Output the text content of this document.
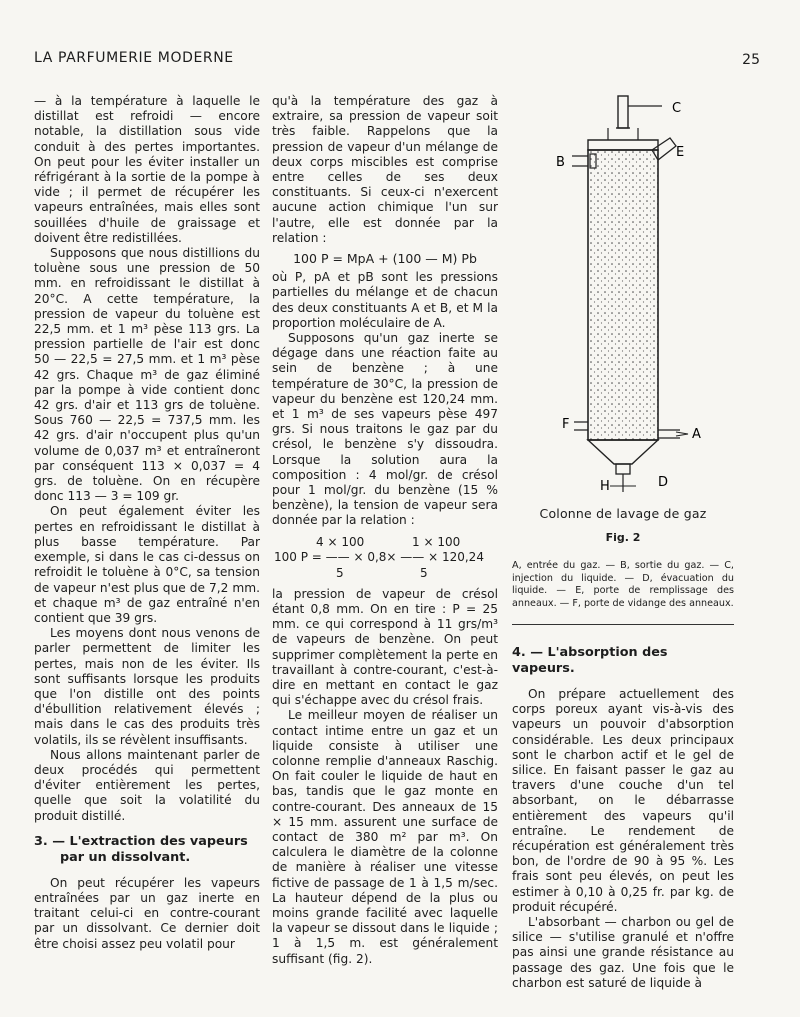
LA PARFUMERIE MODERNE	25

— à la température à laquelle le distillat est refroidi — encore notable, la distillation sous vide conduit à des pertes importantes. On peut pour les éviter installer un réfrigérant à la sortie de la pompe à vide ; il permet de récupérer les vapeurs entraînées, mais elles sont souillées d'huile de graissage et doivent être redistillées.

Supposons que nous distillions du toluène sous une pression de 50 mm. en refroidissant le distillat à 20°C. A cette température, la pression de vapeur du toluène est 22,5 mm. et 1 m³ pèse 113 grs. La pression partielle de l'air est donc 50 — 22,5 = 27,5 mm. et 1 m³ pèse 42 grs. Chaque m³ de gaz éliminé par la pompe à vide contient donc 42 grs. d'air et 113 grs de toluène. Sous 760 — 22,5 = 737,5 mm. les 42 grs. d'air n'occupent plus qu'un volume de 0,037 m³ et entraîneront par conséquent 113 × 0,037 = 4 grs. de toluène. On en récupère donc 113 — 3 = 109 gr.

On peut également éviter les pertes en refroidissant le distillat à plus basse température. Par exemple, si dans le cas ci-dessus on refroidit le toluène à 0°C, sa tension de vapeur n'est plus que de 7,2 mm. et chaque m³ de gaz entraîné n'en contient que 39 grs.

Les moyens dont nous venons de parler permettent de limiter les pertes, mais non de les éviter. Ils sont suffisants lorsque les produits que l'on distille ont des points d'ébullition relativement élevés ; mais dans le cas des produits très volatils, ils se révèlent insuffisants.

Nous allons maintenant parler de deux procédés qui permettent d'éviter entièrement les pertes, quelle que soit la volatilité du produit distillé.

3. — L'extraction des vapeurs
par un dissolvant.

On peut récupérer les vapeurs entraînées par un gaz inerte en traitant celui-ci en contre-courant par un dissolvant. Ce dernier doit être choisi assez peu volatil pour

qu'à la température des gaz à extraire, sa pression de vapeur soit très faible. Rappelons que la pression de vapeur d'un mélange de deux corps miscibles est comprise entre celles de ses deux constituants. Si ceux-ci n'exercent aucune action chimique l'un sur l'autre, elle est donnée par la relation :

100 P = MpA + (100 — M) Pb

où P, pA et pB sont les pressions partielles du mélange et de chacun des deux constituants A et B, et M la proportion moléculaire de A.

Supposons qu'un gaz inerte se dégage dans une réaction faite au sein de benzène ; à une température de 30°C, la pression de vapeur du benzène est 120,24 mm. et 1 m³ de ses vapeurs pèse 497 grs. Si nous traitons le gaz par du crésol, le benzène s'y dissoudra. Lorsque la solution aura la composition : 4 mol/gr. de crésol pour 1 mol/gr. du benzène (15 % benzène), la tension de vapeur sera donnée par la relation :

4 × 100	1 × 100
100 P = —— × 0,8× —— × 120,24
5	5

la pression de vapeur de crésol étant 0,8 mm. On en tire : P = 25 mm. ce qui correspond à 11 grs/m³ de vapeurs de benzène. On peut supprimer complètement la perte en travaillant à contre-courant, c'est-à-dire en mettant en contact le gaz qui s'échappe avec du crésol frais.

Le meilleur moyen de réaliser un contact intime entre un gaz et un liquide consiste à utiliser une colonne remplie d'anneaux Raschig. On fait couler le liquide de haut en bas, tandis que le gaz monte en contre-courant. Des anneaux de 15 × 15 mm. assurent une surface de contact de 380 m² par m³. On calculera le diamètre de la colonne de manière à réaliser une vitesse fictive de passage de 1 à 1,5 m/sec. La hauteur dépend de la plus ou moins grande facilité avec laquelle la vapeur se dissout dans le liquide ; 1 à 1,5 m. est généralement suffisant (fig. 2).

C
B
E
F
A
H	D
Colonne de lavage de gaz
Fig. 2
A, entrée du gaz. — B, sortie du gaz. — C, injection du liquide. — D, évacuation du liquide. — E, porte de remplissage des anneaux. — F, porte de vidange des anneaux.

4. — L'absorption des vapeurs.

On prépare actuellement des corps poreux ayant vis-à-vis des vapeurs un pouvoir d'absorption considérable. Les deux principaux sont le charbon actif et le gel de silice. En faisant passer le gaz au travers d'une couche d'un tel absorbant, on le débarrasse entièrement des vapeurs qu'il entraîne. Le rendement de récupération est généralement très bon, de l'ordre de 90 à 95 %. Les frais sont peu élevés, on peut les estimer à 0,10 à 0,25 fr. par kg. de produit récupéré.

L'absorbant — charbon ou gel de silice — s'utilise granulé et n'offre pas ainsi une grande résistance au passage des gaz. Une fois que le charbon est saturé de liquide à
